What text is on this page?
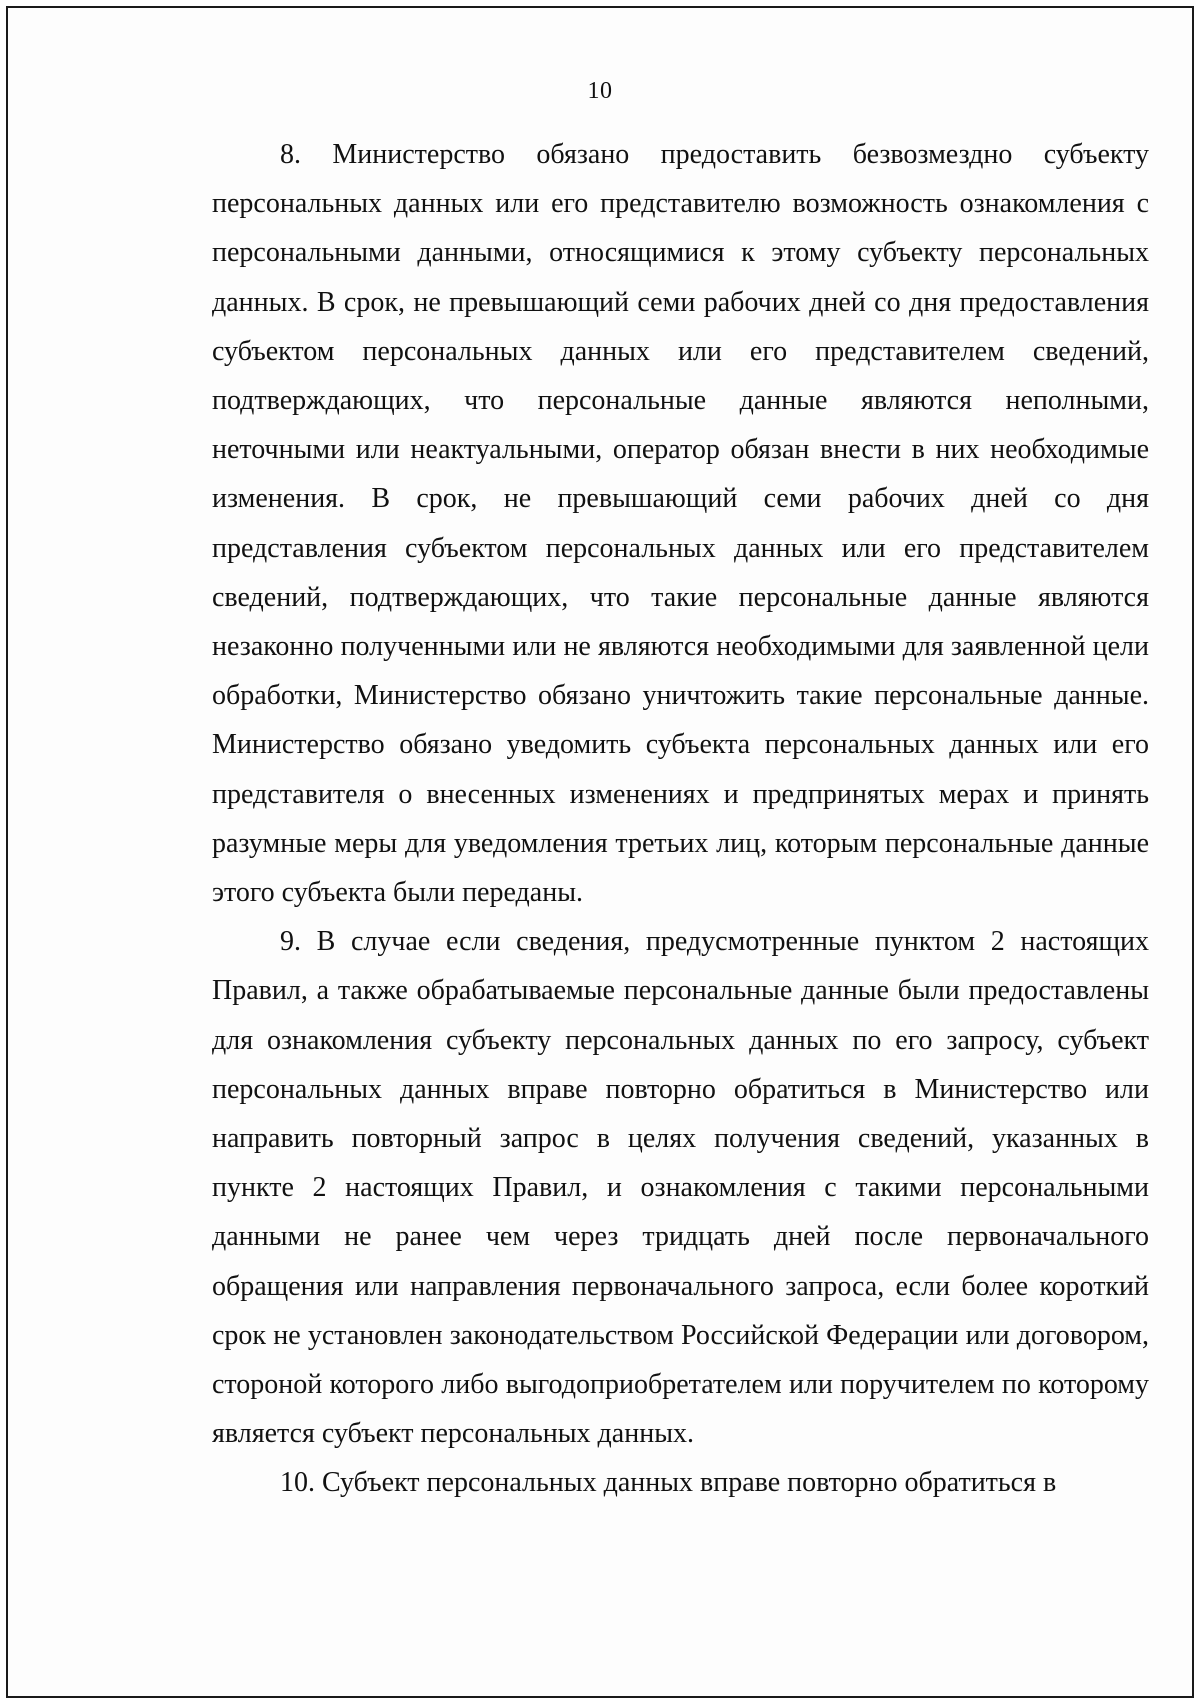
10

8. Министерство обязано предоставить безвозмездно субъекту персональных данных или его представителю возможность ознакомления с персональными данными, относящимися к этому субъекту персональных данных. В срок, не превышающий семи рабочих дней со дня предоставления субъектом персональных данных или его представителем сведений, подтверждающих, что персональные данные являются неполными, неточными или неактуальными, оператор обязан внести в них необходимые изменения. В срок, не превышающий семи рабочих дней со дня представления субъектом персональных данных или его представителем сведений, подтверждающих, что такие персональные данные являются незаконно полученными или не являются необходимыми для заявленной цели обработки, Министерство обязано уничтожить такие персональные данные. Министерство обязано уведомить субъекта персональных данных или его представителя о внесенных изменениях и предпринятых мерах и принять разумные меры для уведомления третьих лиц, которым персональные данные этого субъекта были переданы.

9. В случае если сведения, предусмотренные пунктом 2 настоящих Правил, а также обрабатываемые персональные данные были предоставлены для ознакомления субъекту персональных данных по его запросу, субъект персональных данных вправе повторно обратиться в Министерство или направить повторный запрос в целях получения сведений, указанных в пункте 2 настоящих Правил, и ознакомления с такими персональными данными не ранее чем через тридцать дней после первоначального обращения или направления первоначального запроса, если более короткий срок не установлен законодательством Российской Федерации или договором, стороной которого либо выгодоприобретателем или поручителем по которому является субъект персональных данных.

10. Субъект персональных данных вправе повторно обратиться в
